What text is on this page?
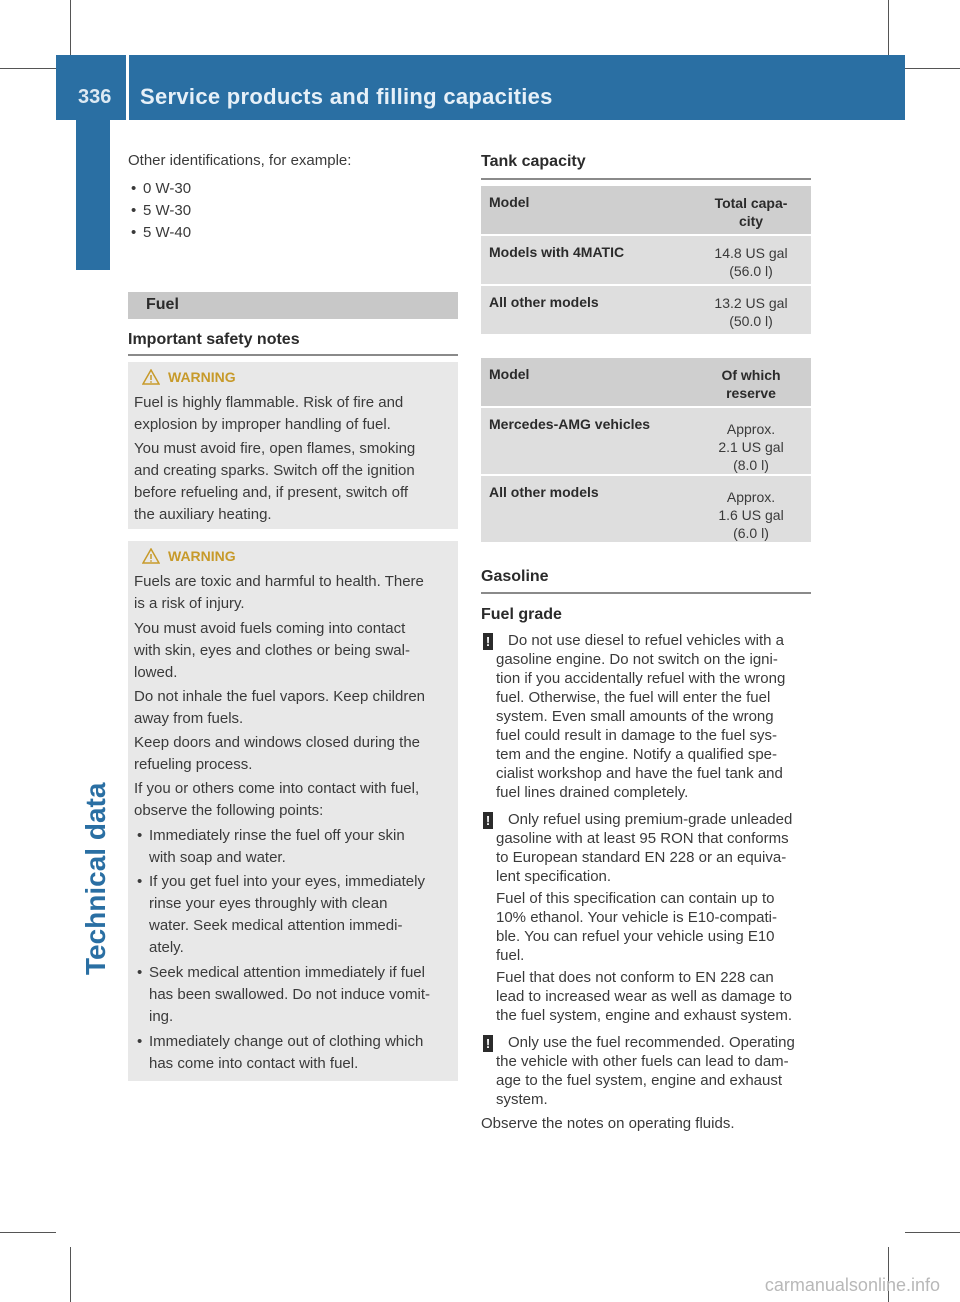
336 Service products and filling capacities
Technical data
Other identifications, for example:
• 0 W-30
• 5 W-30
• 5 W-40
Fuel
Important safety notes
WARNING
Fuel is highly flammable. Risk of fire and
explosion by improper handling of fuel.
You must avoid fire, open flames, smoking
and creating sparks. Switch off the ignition
before refueling and, if present, switch off
the auxiliary heating.
WARNING
Fuels are toxic and harmful to health. There
is a risk of injury.
You must avoid fuels coming into contact
with skin, eyes and clothes or being swal-
lowed.
Do not inhale the fuel vapors. Keep children
away from fuels.
Keep doors and windows closed during the
refueling process.
If you or others come into contact with fuel,
observe the following points:
• Immediately rinse the fuel off your skin
with soap and water.
• If you get fuel into your eyes, immediately
rinse your eyes throughly with clean
water. Seek medical attention immedi-
ately.
• Seek medical attention immediately if fuel
has been swallowed. Do not induce vomit-
ing.
• Immediately change out of clothing which
has come into contact with fuel.
Tank capacity
Model	Total capa-
city
Models with 4MATIC	14.8 US gal
(56.0 l)
All other models	13.2 US gal
(50.0 l)
Model	Of which
reserve
Mercedes-AMG vehicles	Approx.
2.1 US gal
(8.0 l)
All other models	Approx.
1.6 US gal
(6.0 l)
Gasoline
Fuel grade
! Do not use diesel to refuel vehicles with a
gasoline engine. Do not switch on the igni-
tion if you accidentally refuel with the wrong
fuel. Otherwise, the fuel will enter the fuel
system. Even small amounts of the wrong
fuel could result in damage to the fuel sys-
tem and the engine. Notify a qualified spe-
cialist workshop and have the fuel tank and
fuel lines drained completely.
! Only refuel using premium-grade unleaded
gasoline with at least 95 RON that conforms
to European standard EN 228 or an equiva-
lent specification.
Fuel of this specification can contain up to
10% ethanol. Your vehicle is E10-compati-
ble. You can refuel your vehicle using E10
fuel.
Fuel that does not conform to EN 228 can
lead to increased wear as well as damage to
the fuel system, engine and exhaust system.
! Only use the fuel recommended. Operating
the vehicle with other fuels can lead to dam-
age to the fuel system, engine and exhaust
system.
Observe the notes on operating fluids.
carmanualsonline.info
